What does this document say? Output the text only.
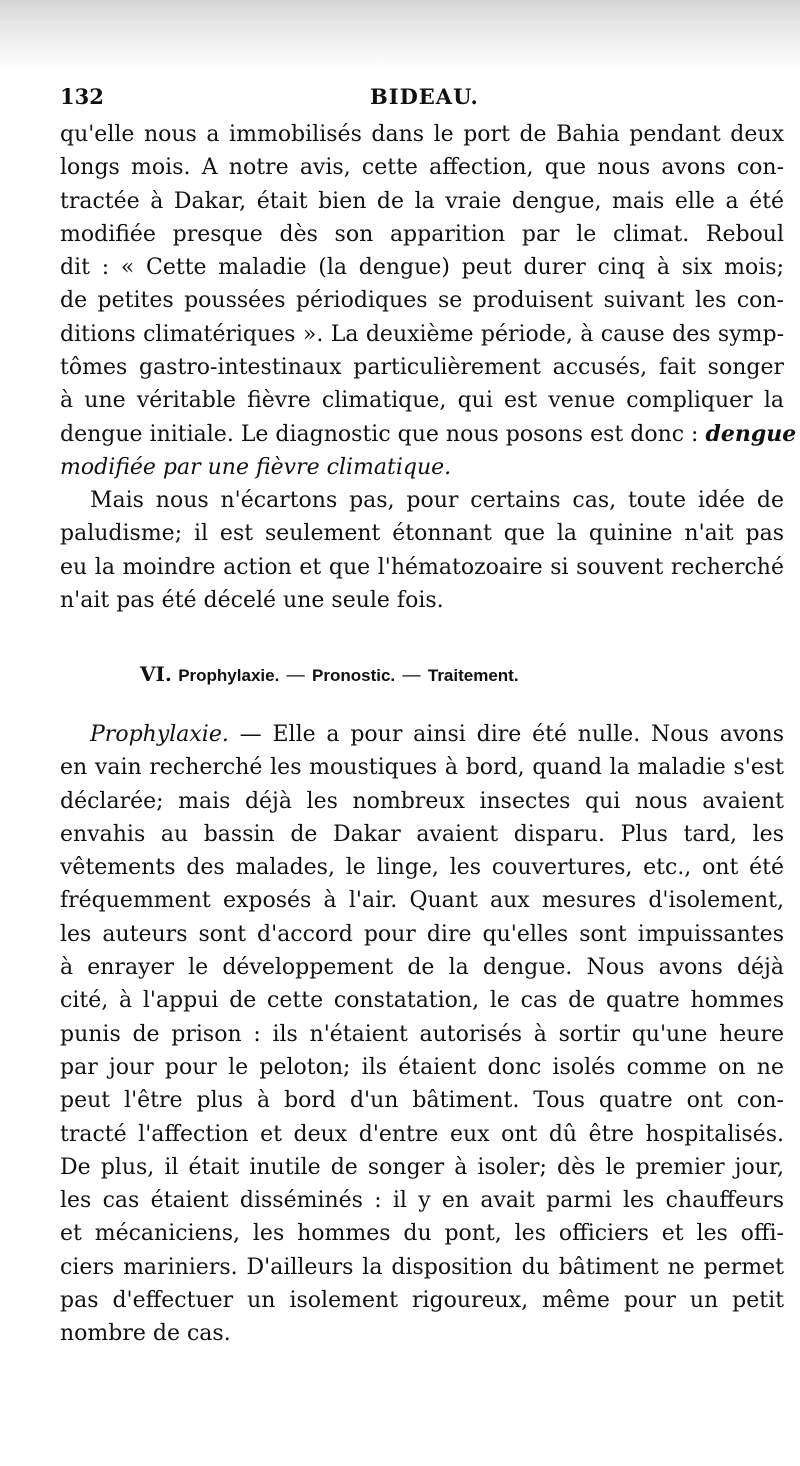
132	BIDEAU.
qu'elle nous a immobilisés dans le port de Bahia pendant deux
longs mois. A notre avis, cette affection, que nous avons con-
tractée à Dakar, était bien de la vraie dengue, mais elle a été
modifiée presque dès son apparition par le climat. Reboul
dit : « Cette maladie (la dengue) peut durer cinq à six mois;
de petites poussées périodiques se produisent suivant les con-
ditions climatériques ». La deuxième période, à cause des symp-
tômes gastro-intestinaux particulièrement accusés, fait songer
à une véritable fièvre climatique, qui est venue compliquer la
dengue initiale. Le diagnostic que nous posons est donc : dengue
modifiée par une fièvre climatique.
Mais nous n'écartons pas, pour certains cas, toute idée de
paludisme; il est seulement étonnant que la quinine n'ait pas
eu la moindre action et que l'hématozoaire si souvent recherché
n'ait pas été décelé une seule fois.
VI. Prophylaxie. — Pronostic. — Traitement.
Prophylaxie. — Elle a pour ainsi dire été nulle. Nous avons
en vain recherché les moustiques à bord, quand la maladie s'est
déclarée; mais déjà les nombreux insectes qui nous avaient
envahis au bassin de Dakar avaient disparu. Plus tard, les
vêtements des malades, le linge, les couvertures, etc., ont été
fréquemment exposés à l'air. Quant aux mesures d'isolement,
les auteurs sont d'accord pour dire qu'elles sont impuissantes
à enrayer le développement de la dengue. Nous avons déjà
cité, à l'appui de cette constatation, le cas de quatre hommes
punis de prison : ils n'étaient autorisés à sortir qu'une heure
par jour pour le peloton; ils étaient donc isolés comme on ne
peut l'être plus à bord d'un bâtiment. Tous quatre ont con-
tracté l'affection et deux d'entre eux ont dû être hospitalisés.
De plus, il était inutile de songer à isoler; dès le premier jour,
les cas étaient disséminés : il y en avait parmi les chauffeurs
et mécaniciens, les hommes du pont, les officiers et les offi-
ciers mariniers. D'ailleurs la disposition du bâtiment ne permet
pas d'effectuer un isolement rigoureux, même pour un petit
nombre de cas.
